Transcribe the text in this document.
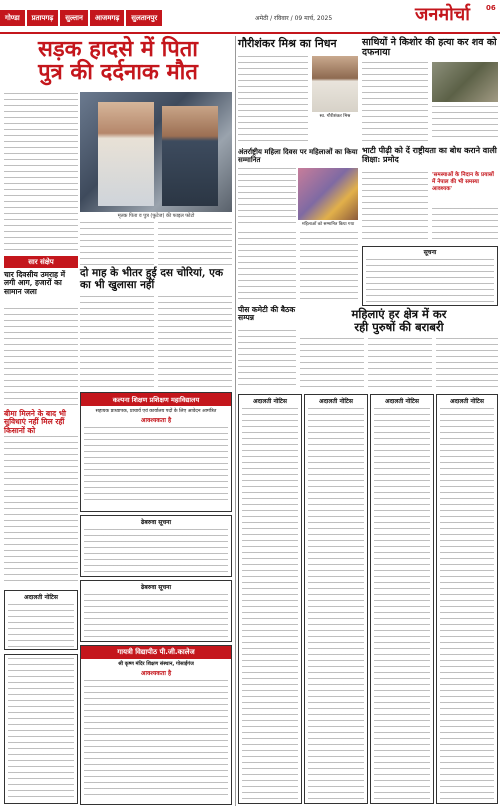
गोण्डा	प्रतापगढ़	सुल्तान	आजमगढ़	सुलतानपुर	अमेठी / रविवार / 09 मार्च, 2025	जनमोर्चा 06
सड़क हादसे में पिता
पुत्र की दर्दनाक मौत
मृतक पिता व पुत्र (फुटेज) की फाइल फोटो
दो माह के भीतर हुई दस चोरियां, एक का भी खुलासा नहीं
सार संक्षेप
चार दिवसीय उमराह में लगी आग, हजारों का सामान जला
बीमा मिलने के बाद भी सुविधाएं नहीं मिल रहीं किसानों को
अदालती नोटिस
कल्पना शिक्षण प्रशिक्षण महाविद्यालय
सहायक प्राध्यापक, प्राचार्य एवं कार्यालय पदों के लिए आवेदन आमंत्रित
आवश्यकता है
ढेबरुवा सूचना
ढेबरुवा सूचना
गायत्री विद्यापीठ पी.जी.कालेज
श्री कृष्ण मंदिर शिक्षण संस्थान, गोसाईगंज
आवश्यकता है
गौरीशंकर मिश्र का निधन
स्व. गौरीशंकर मिश्र
अंतर्राष्ट्रीय महिला दिवस पर महिलाओं का किया सम्मानित
महिलाओं को सम्मानित किया गया
पीस कमेटी की बैठक सम्पन्न
साथियों ने किशोर की हत्या कर शव को दफनाया
भाटी पीढ़ी को दें राष्ट्रीयता का बोध कराने वाली शिक्षा: प्रमोद
'समस्याओं के निदान के प्रयासों में नेपाल की भी समस्या आवश्यक'
सूचना
महिलाएं हर क्षेत्र में कर
रही पुरुषों की बराबरी
अदालती नोटिस	अदालती नोटिस	अदालती नोटिस	अदालती नोटिस
